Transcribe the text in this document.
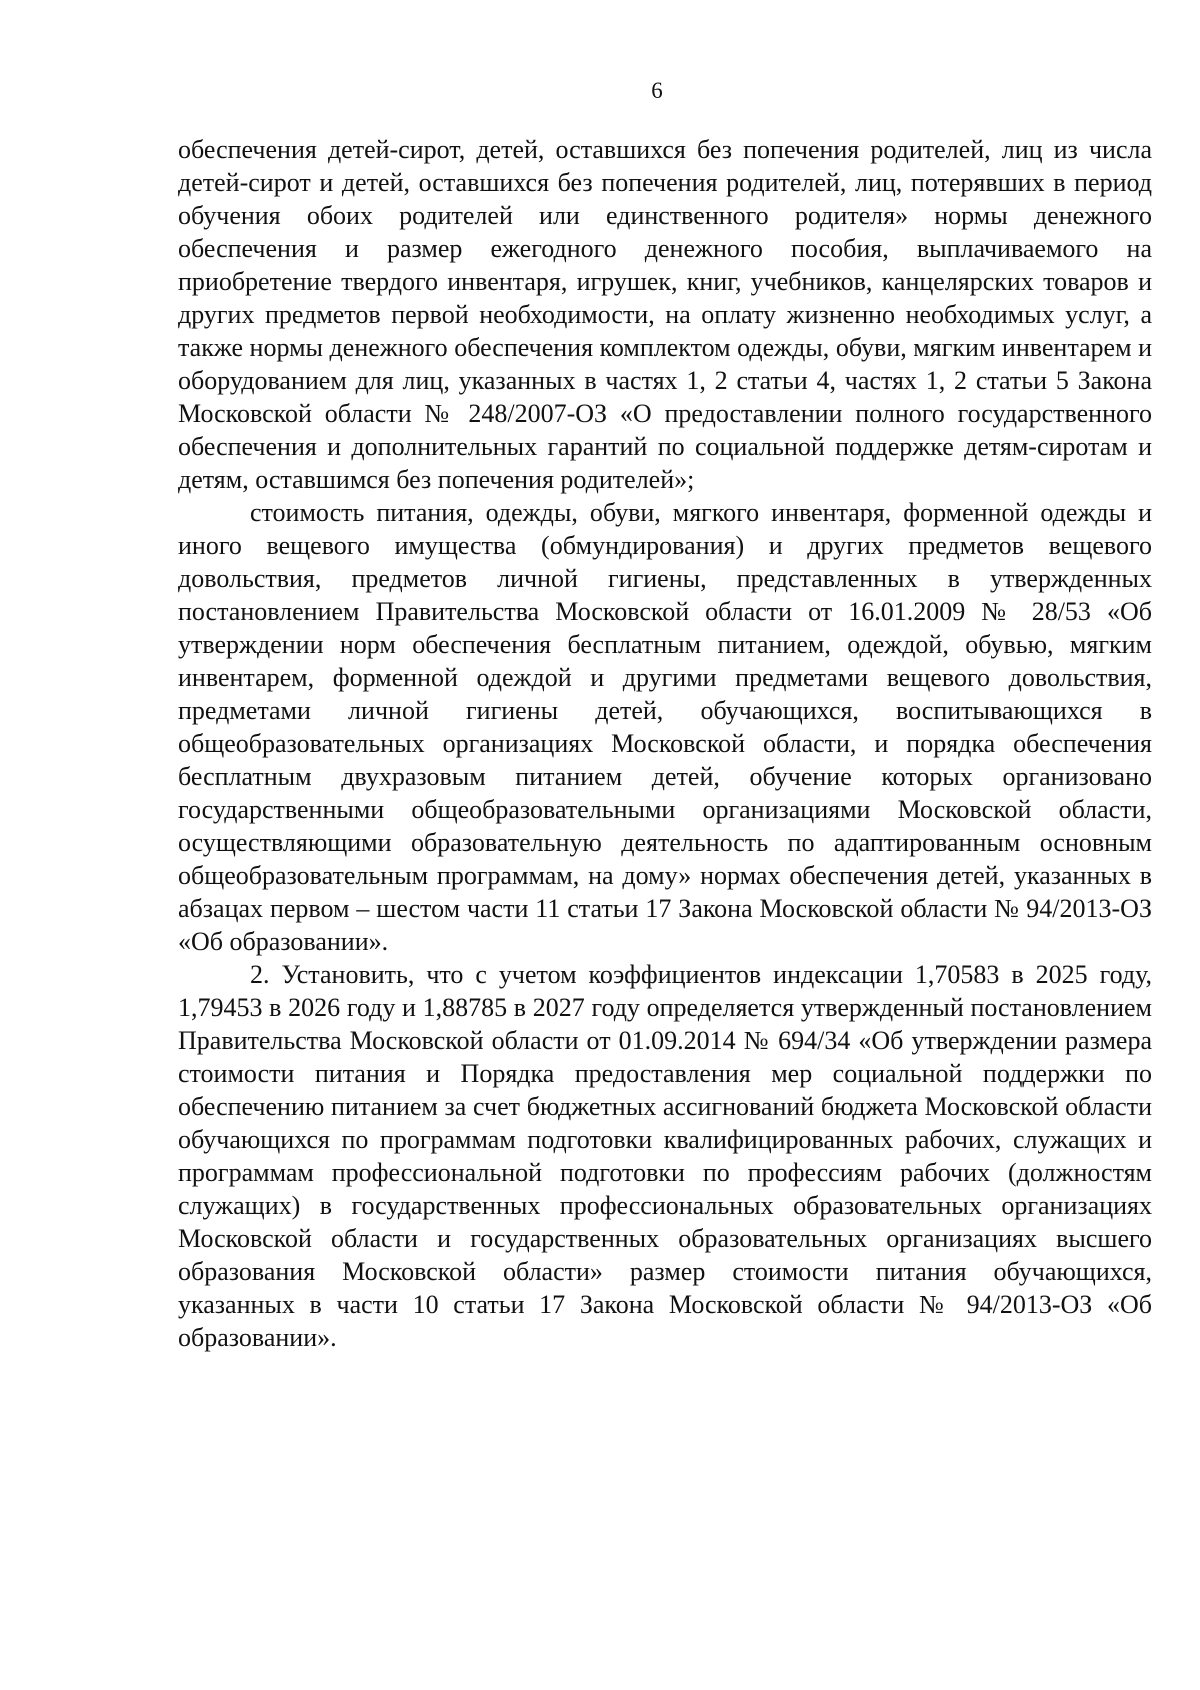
6

обеспечения детей-сирот, детей, оставшихся без попечения родителей, лиц из числа детей-сирот и детей, оставшихся без попечения родителей, лиц, потерявших в период обучения обоих родителей или единственного родителя» нормы денежного обеспечения и размер ежегодного денежного пособия, выплачиваемого на приобретение твердого инвентаря, игрушек, книг, учебников, канцелярских товаров и других предметов первой необходимости, на оплату жизненно необходимых услуг, а также нормы денежного обеспечения комплектом одежды, обуви, мягким инвентарем и оборудованием для лиц, указанных в частях 1, 2 статьи 4, частях 1, 2 статьи 5 Закона Московской области № 248/2007-ОЗ «О предоставлении полного государственного обеспечения и дополнительных гарантий по социальной поддержке детям-сиротам и детям, оставшимся без попечения родителей»;

стоимость питания, одежды, обуви, мягкого инвентаря, форменной одежды и иного вещевого имущества (обмундирования) и других предметов вещевого довольствия, предметов личной гигиены, представленных в утвержденных постановлением Правительства Московской области от 16.01.2009 № 28/53 «Об утверждении норм обеспечения бесплатным питанием, одеждой, обувью, мягким инвентарем, форменной одеждой и другими предметами вещевого довольствия, предметами личной гигиены детей, обучающихся, воспитывающихся в общеобразовательных организациях Московской области, и порядка обеспечения бесплатным двухразовым питанием детей, обучение которых организовано государственными общеобразовательными организациями Московской области, осуществляющими образовательную деятельность по адаптированным основным общеобразовательным программам, на дому» нормах обеспечения детей, указанных в абзацах первом – шестом части 11 статьи 17 Закона Московской области № 94/2013-ОЗ «Об образовании».

2. Установить, что с учетом коэффициентов индексации 1,70583 в 2025 году, 1,79453 в 2026 году и 1,88785 в 2027 году определяется утвержденный постановлением Правительства Московской области от 01.09.2014 № 694/34 «Об утверждении размера стоимости питания и Порядка предоставления мер социальной поддержки по обеспечению питанием за счет бюджетных ассигнований бюджета Московской области обучающихся по программам подготовки квалифицированных рабочих, служащих и программам профессиональной подготовки по профессиям рабочих (должностям служащих) в государственных профессиональных образовательных организациях Московской области и государственных образовательных организациях высшего образования Московской области» размер стоимости питания обучающихся, указанных в части 10 статьи 17 Закона Московской области № 94/2013-ОЗ «Об образовании».
